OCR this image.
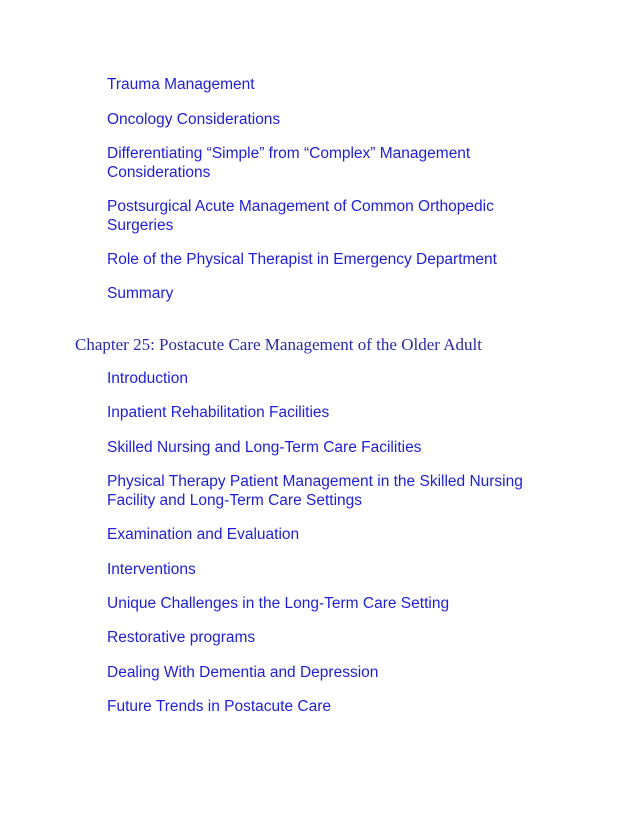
Trauma Management

Oncology Considerations

Differentiating “Simple” from “Complex” Management Considerations

Postsurgical Acute Management of Common Orthopedic Surgeries

Role of the Physical Therapist in Emergency Department

Summary

Chapter 25: Postacute Care Management of the Older Adult

Introduction

Inpatient Rehabilitation Facilities

Skilled Nursing and Long-Term Care Facilities

Physical Therapy Patient Management in the Skilled Nursing Facility and Long-Term Care Settings

Examination and Evaluation

Interventions

Unique Challenges in the Long-Term Care Setting

Restorative programs

Dealing With Dementia and Depression

Future Trends in Postacute Care
